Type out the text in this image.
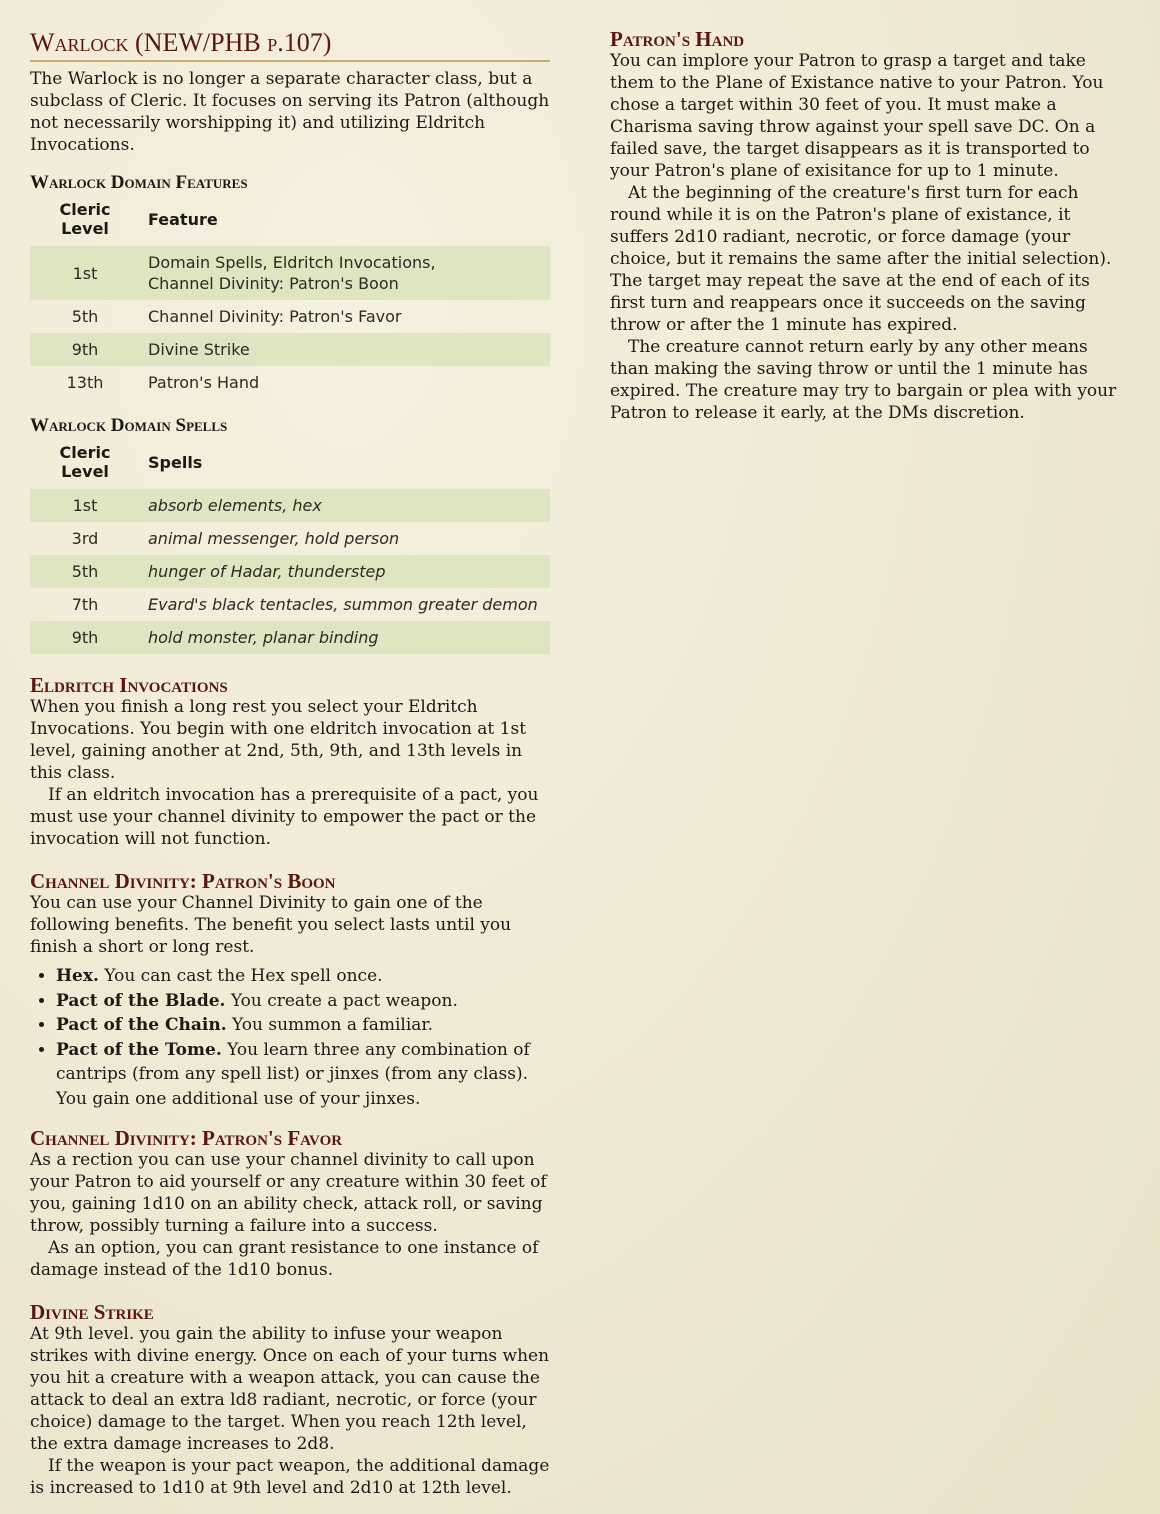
Warlock (NEW/PHB p.107)

The Warlock is no longer a separate character class, but a subclass of Cleric. It focuses on serving its Patron (although not necessarily worshipping it) and utilizing Eldritch Invocations.

Warlock Domain Features
Cleric Level	Feature
1st	Domain Spells, Eldritch Invocations,
Channel Divinity: Patron's Boon

5th	Channel Divinity: Patron's Favor
9th	Divine Strike
13th	Patron's Hand
Warlock Domain Spells
Cleric Level	Spells
1st	absorb elements, hex
3rd	animal messenger, hold person
5th	hunger of Hadar, thunderstep
7th	Evard's black tentacles, summon greater demon
9th	hold monster, planar binding
Eldritch Invocations

When you finish a long rest you select your Eldritch Invocations. You begin with one eldritch invocation at 1st level, gaining another at 2nd, 5th, 9th, and 13th levels in this class.

If an eldritch invocation has a prerequisite of a pact, you must use your channel divinity to empower the pact or the invocation will not function.

Channel Divinity: Patron's Boon

You can use your Channel Divinity to gain one of the following benefits. The benefit you select lasts until you finish a short or long rest.

• Hex. You can cast the Hex spell once.
• Pact of the Blade. You create a pact weapon.
• Pact of the Chain. You summon a familiar.
• Pact of the Tome. You learn three any combination of cantrips (from any spell list) or jinxes (from any class). You gain one additional use of your jinxes.
Channel Divinity: Patron's Favor

As a rection you can use your channel divinity to call upon your Patron to aid yourself or any creature within 30 feet of you, gaining 1d10 on an ability check, attack roll, or saving throw, possibly turning a failure into a success.

As an option, you can grant resistance to one instance of damage instead of the 1d10 bonus.

Divine Strike

At 9th level. you gain the ability to infuse your weapon strikes with divine energy. Once on each of your turns when you hit a creature with a weapon attack, you can cause the attack to deal an extra ld8 radiant, necrotic, or force (your choice) damage to the target. When you reach 12th level, the extra damage increases to 2d8.

If the weapon is your pact weapon, the additional damage is increased to 1d10 at 9th level and 2d10 at 12th level.

Patron's Hand

You can implore your Patron to grasp a target and take them to the Plane of Existance native to your Patron. You chose a target within 30 feet of you. It must make a Charisma saving throw against your spell save DC. On a failed save, the target disappears as it is transported to your Patron's plane of exisitance for up to 1 minute.

At the beginning of the creature's first turn for each round while it is on the Patron's plane of existance, it suffers 2d10 radiant, necrotic, or force damage (your choice, but it remains the same after the initial selection). The target may repeat the save at the end of each of its first turn and reappears once it succeeds on the saving throw or after the 1 minute has expired.

The creature cannot return early by any other means than making the saving throw or until the 1 minute has expired. The creature may try to bargain or plea with your Patron to release it early, at the DMs discretion.
